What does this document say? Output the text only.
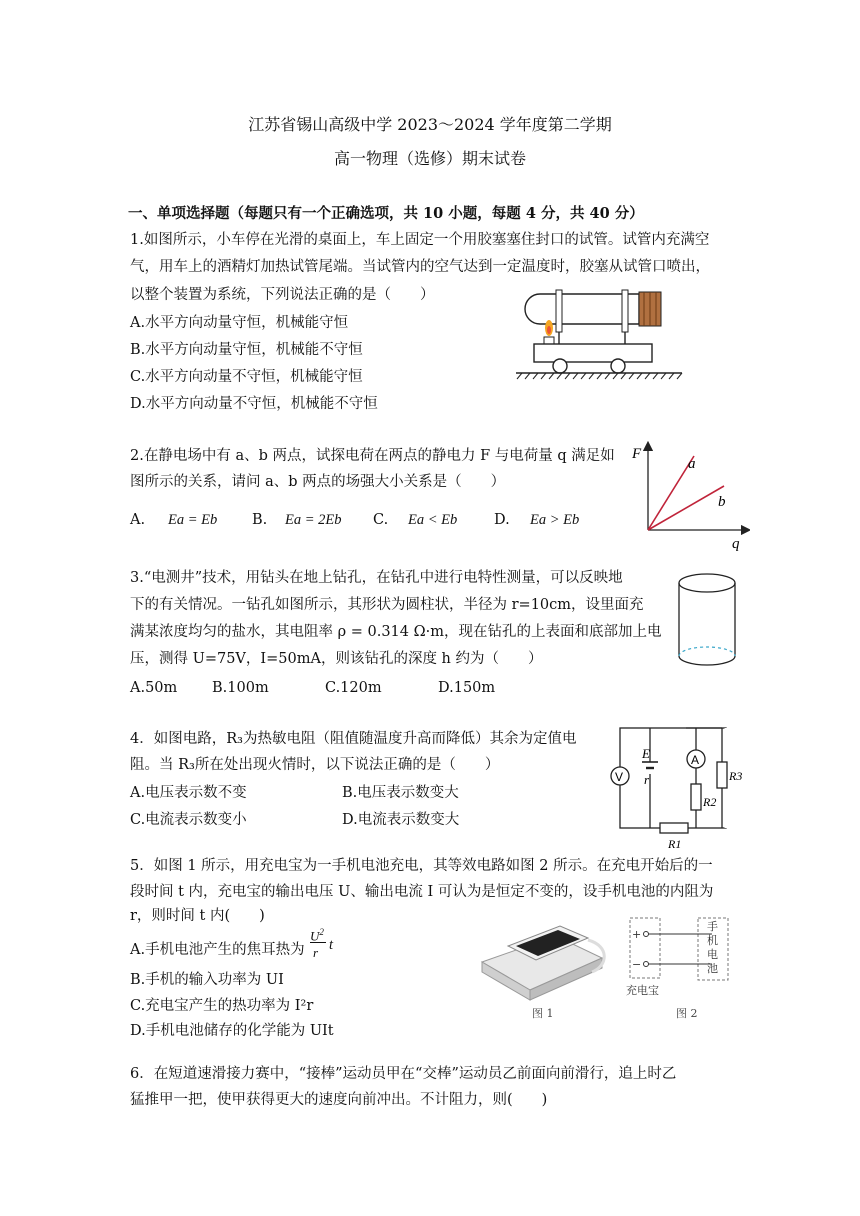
江苏省锡山高级中学 2023～2024 学年度第二学期
高一物理（选修）期末试卷
一、单项选择题（每题只有一个正确选项，共 10 小题，每题 4 分，共 40 分）
1.如图所示，小车停在光滑的桌面上，车上固定一个用胶塞塞住封口的试管。试管内充满空
气，用车上的酒精灯加热试管尾端。当试管内的空气达到一定温度时，胶塞从试管口喷出，
以整个装置为系统，下列说法正确的是（　　）
A.水平方向动量守恒，机械能守恒
B.水平方向动量守恒，机械能不守恒
C.水平方向动量不守恒，机械能守恒
D.水平方向动量不守恒，机械能不守恒
2.在静电场中有 a、b 两点，试探电荷在两点的静电力 F 与电荷量 q 满足如
图所示的关系，请问 a、b 两点的场强大小关系是（　　）
A. Ea = Eb B. Ea = 2Eb C. Ea < Eb	D. Ea > Eb
F
q
a
b
3.“电测井”技术，用钻头在地上钻孔，在钻孔中进行电特性测量，可以反映地
下的有关情况。一钻孔如图所示，其形状为圆柱状，半径为 r=10cm，设里面充
满某浓度均匀的盐水，其电阻率 ρ = 0.314 Ω·m，现在钻孔的上表面和底部加上电
压，测得 U=75V，I=50mA，则该钻孔的深度 h 约为（　　）
A.50m B.100m	C.120m	D.150m
4．如图电路，R₃为热敏电阻（阻值随温度升高而降低）其余为定值电
阻。当 R₃所在处出现火情时，以下说法正确的是（　　）
A.电压表示数不变	B.电压表示数变大
C.电流表示数变小	D.电流表示数变大
V
A
E
r
R2
R3
R1
5．如图 1 所示，用充电宝为一手机电池充电，其等效电路如图 2 所示。在充电开始后的一
段时间 t 内，充电宝的输出电压 U、输出电流 I 可认为是恒定不变的，设手机电池的内阻为
r，则时间 t 内(　　)
A.手机电池产生的焦耳热为
$U^2$
r t
B.手机的输入功率为 UI
C.充电宝产生的热功率为 I²r
D.手机电池储存的化学能为 UIt
图 1
+
−
手
机
电
池
充电宝
图 2
6．在短道速滑接力赛中，“接棒”运动员甲在“交棒”运动员乙前面向前滑行，追上时乙
猛推甲一把，使甲获得更大的速度向前冲出。不计阻力，则(　　)
